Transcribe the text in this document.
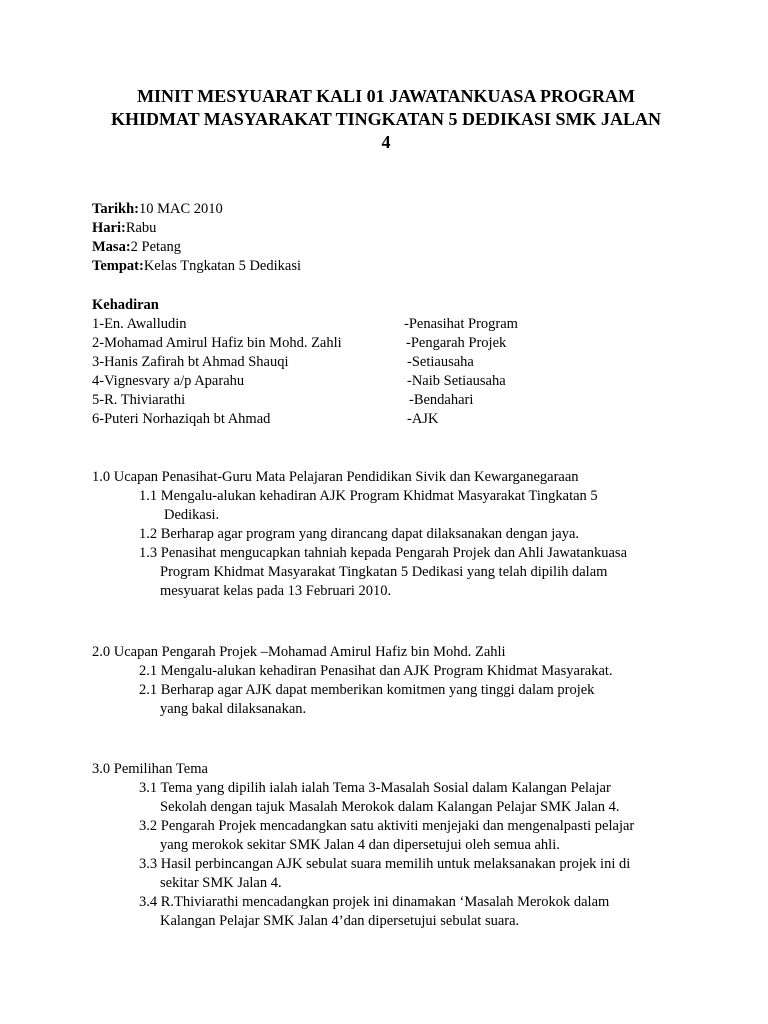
MINIT MESYUARAT KALI 01 JAWATANKUASA PROGRAM
KHIDMAT MASYARAKAT TINGKATAN 5 DEDIKASI SMK JALAN
4
Tarikh:10 MAC 2010
Hari:Rabu
Masa:2 Petang
Tempat:Kelas Tngkatan 5 Dedikasi
Kehadiran
1-En. Awalludin	-Penasihat Program
2-Mohamad Amirul Hafiz bin Mohd. Zahli	-Pengarah Projek
3-Hanis Zafirah bt Ahmad Shauqi	-Setiausaha
4-Vignesvary a/p Aparahu	-Naib Setiausaha
5-R. Thiviarathi	-Bendahari
6-Puteri Norhaziqah bt Ahmad	-AJK
1.0 Ucapan Penasihat-Guru Mata Pelajaran Pendidikan Sivik dan Kewarganegaraan
1.1 Mengalu-alukan kehadiran AJK Program Khidmat Masyarakat Tingkatan 5
Dedikasi.
1.2 Berharap agar program yang dirancang dapat dilaksanakan dengan jaya.
1.3 Penasihat mengucapkan tahniah kepada Pengarah Projek dan Ahli Jawatankuasa
Program Khidmat Masyarakat Tingkatan 5 Dedikasi yang telah dipilih dalam
mesyuarat kelas pada 13 Februari 2010.
2.0 Ucapan Pengarah Projek –Mohamad Amirul Hafiz bin Mohd. Zahli
2.1 Mengalu-alukan kehadiran Penasihat dan AJK Program Khidmat Masyarakat.
2.1 Berharap agar AJK dapat memberikan komitmen yang tinggi dalam projek
yang bakal dilaksanakan.
3.0 Pemilihan Tema
3.1 Tema yang dipilih ialah ialah Tema 3-Masalah Sosial dalam Kalangan Pelajar
Sekolah dengan tajuk Masalah Merokok dalam Kalangan Pelajar SMK Jalan 4.
3.2 Pengarah Projek mencadangkan satu aktiviti menjejaki dan mengenalpasti pelajar
yang merokok sekitar SMK Jalan 4 dan dipersetujui oleh semua ahli.
3.3 Hasil perbincangan AJK sebulat suara memilih untuk melaksanakan projek ini di
sekitar SMK Jalan 4.
3.4 R.Thiviarathi mencadangkan projek ini dinamakan ‘Masalah Merokok dalam
Kalangan Pelajar SMK Jalan 4’dan dipersetujui sebulat suara.
